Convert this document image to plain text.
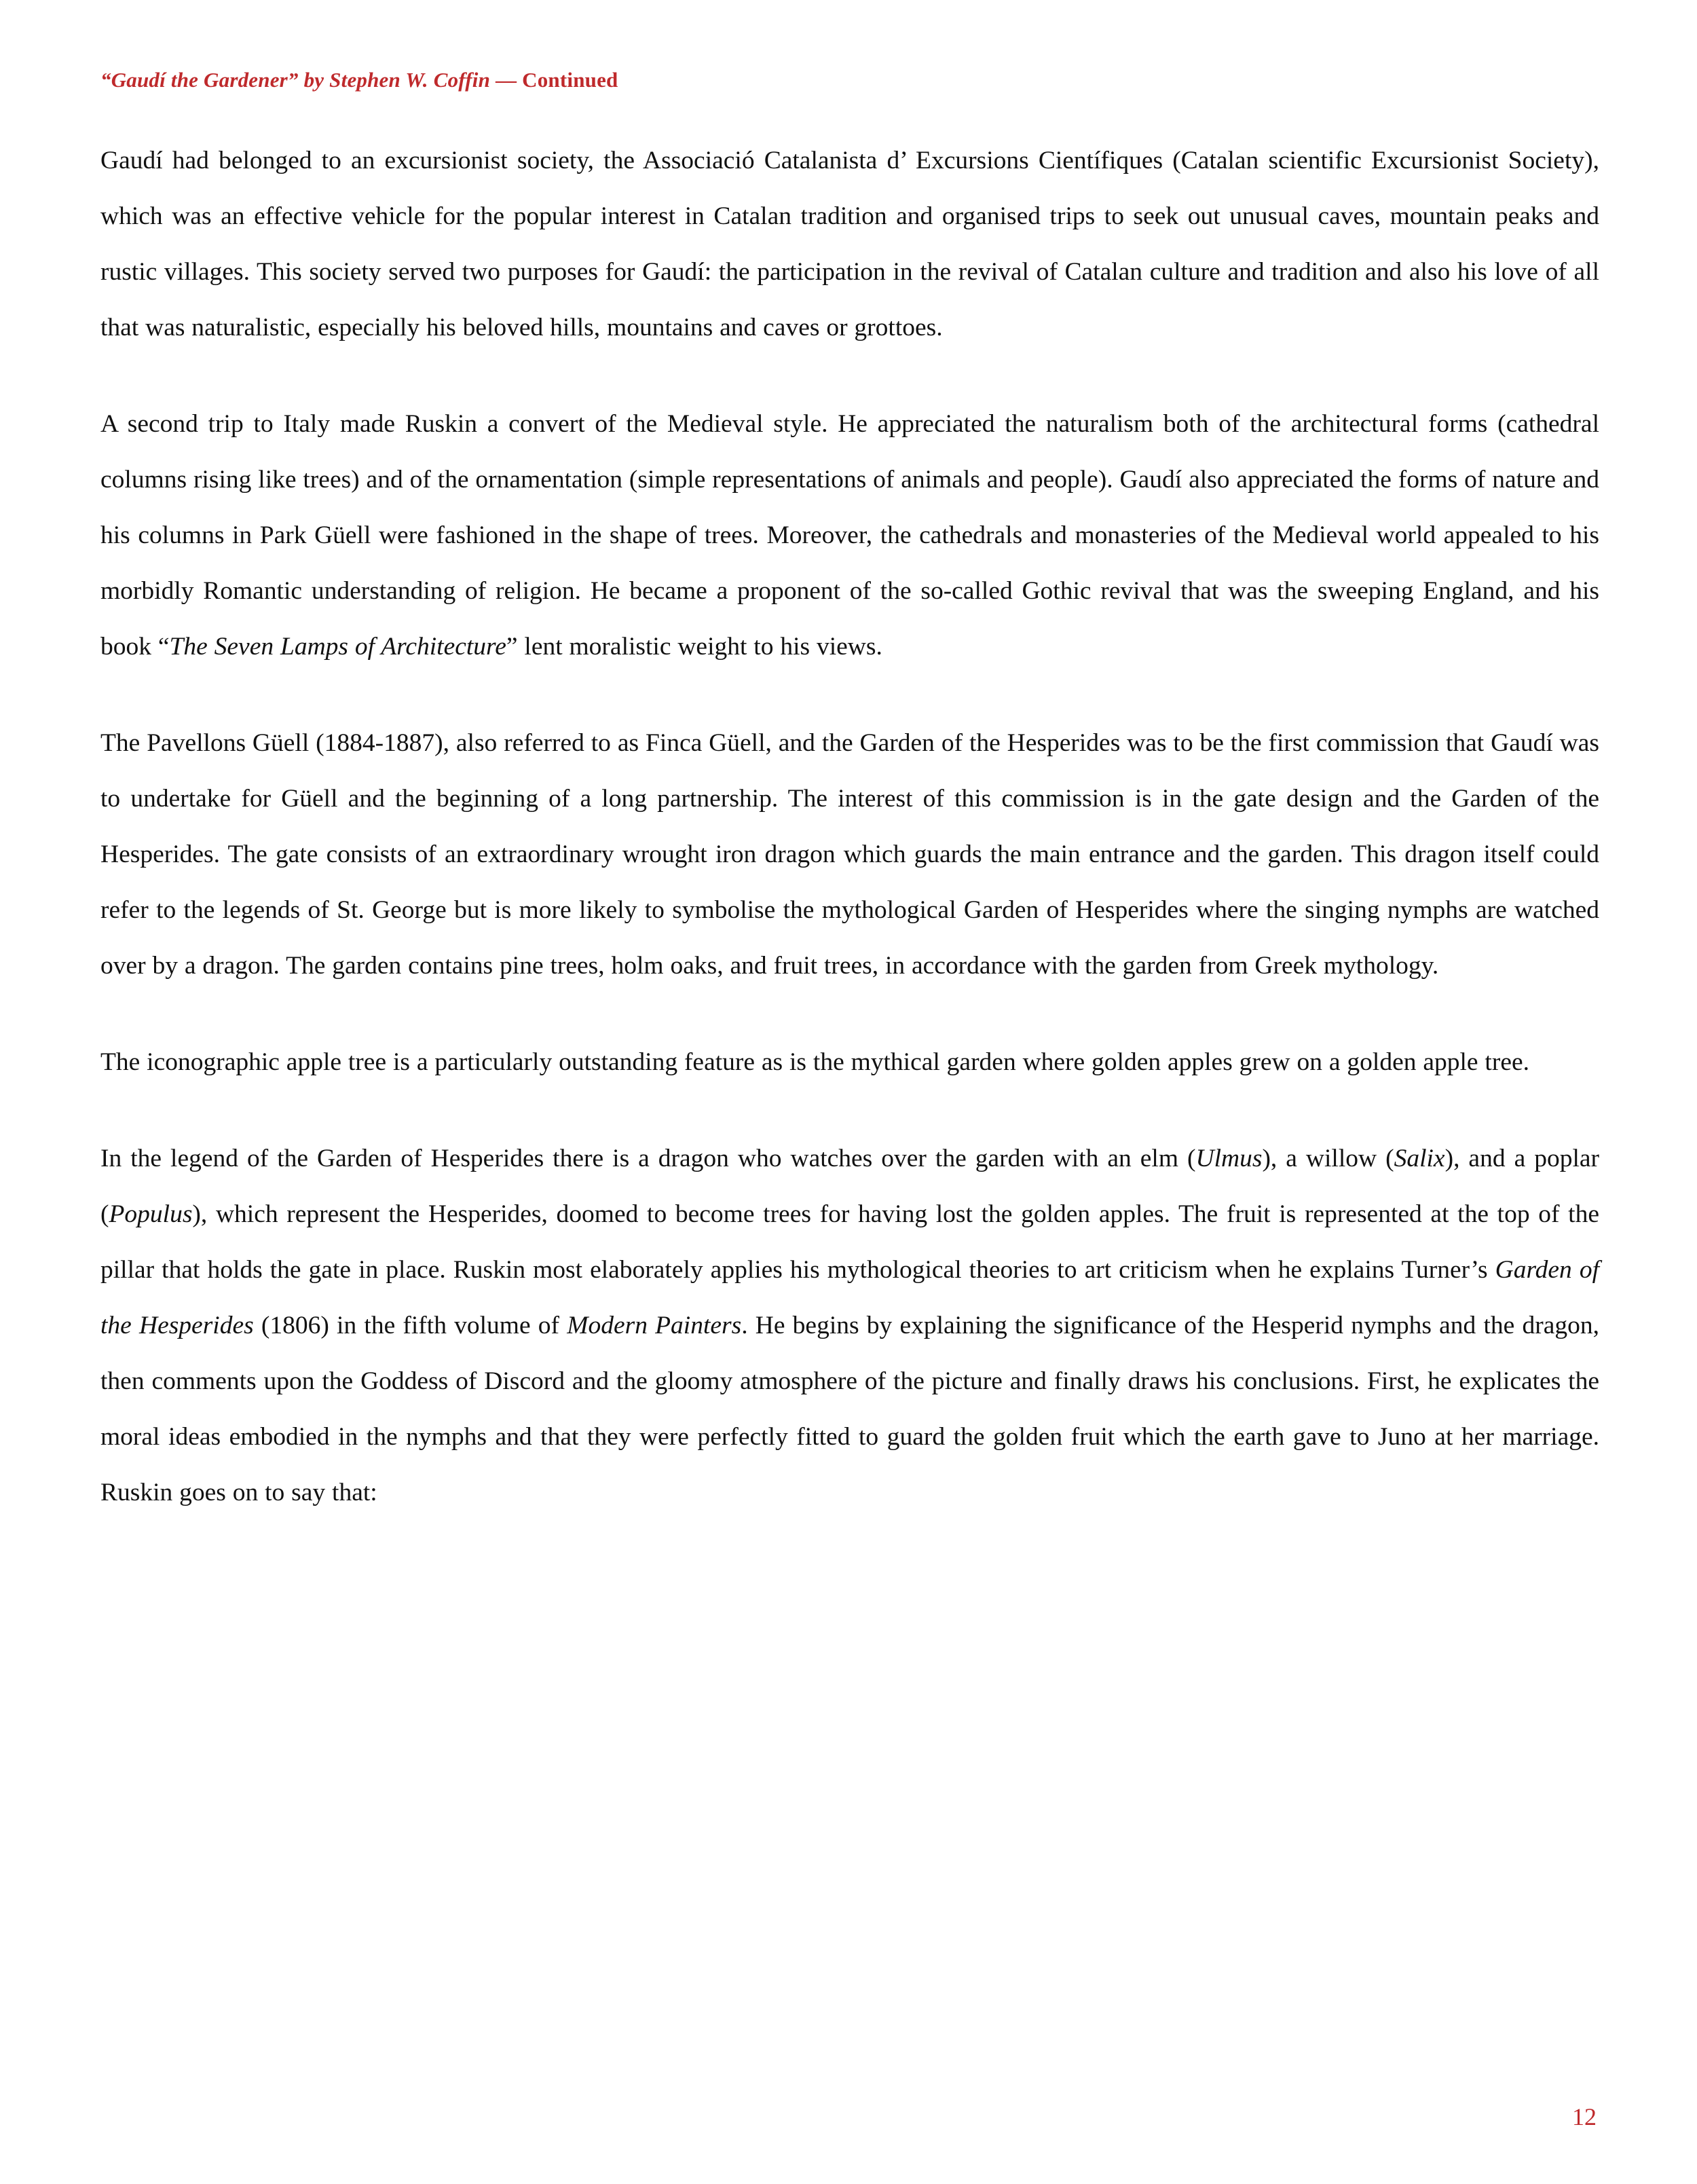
“Gaudí the Gardener” by Stephen W. Coffin — Continued

Gaudí had belonged to an excursionist society, the Associació Catalanista d’ Excursions Científiques (Catalan scientific Excursionist Society), which was an effective vehicle for the popular interest in Catalan tradition and organised trips to seek out unusual caves, mountain peaks and rustic villages. This society served two purposes for Gaudí: the participation in the revival of Catalan culture and tradition and also his love of all that was naturalistic, especially his beloved hills, mountains and caves or grottoes.

A second trip to Italy made Ruskin a convert of the Medieval style. He appreciated the naturalism both of the architectural forms (cathedral columns rising like trees) and of the ornamentation (simple representations of animals and people). Gaudí also appreciated the forms of nature and his columns in Park Güell were fashioned in the shape of trees. Moreover, the cathedrals and monasteries of the Medieval world appealed to his morbidly Romantic understanding of religion. He became a proponent of the so-called Gothic revival that was the sweeping England, and his book “The Seven Lamps of Architecture” lent moralistic weight to his views.

The Pavellons Güell (1884-1887), also referred to as Finca Güell, and the Garden of the Hesperides was to be the first commission that Gaudí was to undertake for Güell and the beginning of a long partnership. The interest of this commission is in the gate design and the Garden of the Hesperides. The gate consists of an extraordinary wrought iron dragon which guards the main entrance and the garden. This dragon itself could refer to the legends of St. George but is more likely to symbolise the mythological Garden of Hesperides where the singing nymphs are watched over by a dragon. The garden contains pine trees, holm oaks, and fruit trees, in accordance with the garden from Greek mythology.

The iconographic apple tree is a particularly outstanding feature as is the mythical garden where golden apples grew on a golden apple tree.

In the legend of the Garden of Hesperides there is a dragon who watches over the garden with an elm (Ulmus), a willow (Salix), and a poplar (Populus), which represent the Hesperides, doomed to become trees for having lost the golden apples. The fruit is represented at the top of the pillar that holds the gate in place. Ruskin most elaborately applies his mythological theories to art criticism when he explains Turner’s Garden of the Hesperides (1806) in the fifth volume of Modern Painters. He begins by explaining the significance of the Hesperid nymphs and the dragon, then comments upon the Goddess of Discord and the gloomy atmosphere of the picture and finally draws his conclusions. First, he explicates the moral ideas embodied in the nymphs and that they were perfectly fitted to guard the golden fruit which the earth gave to Juno at her marriage. Ruskin goes on to say that:

12
